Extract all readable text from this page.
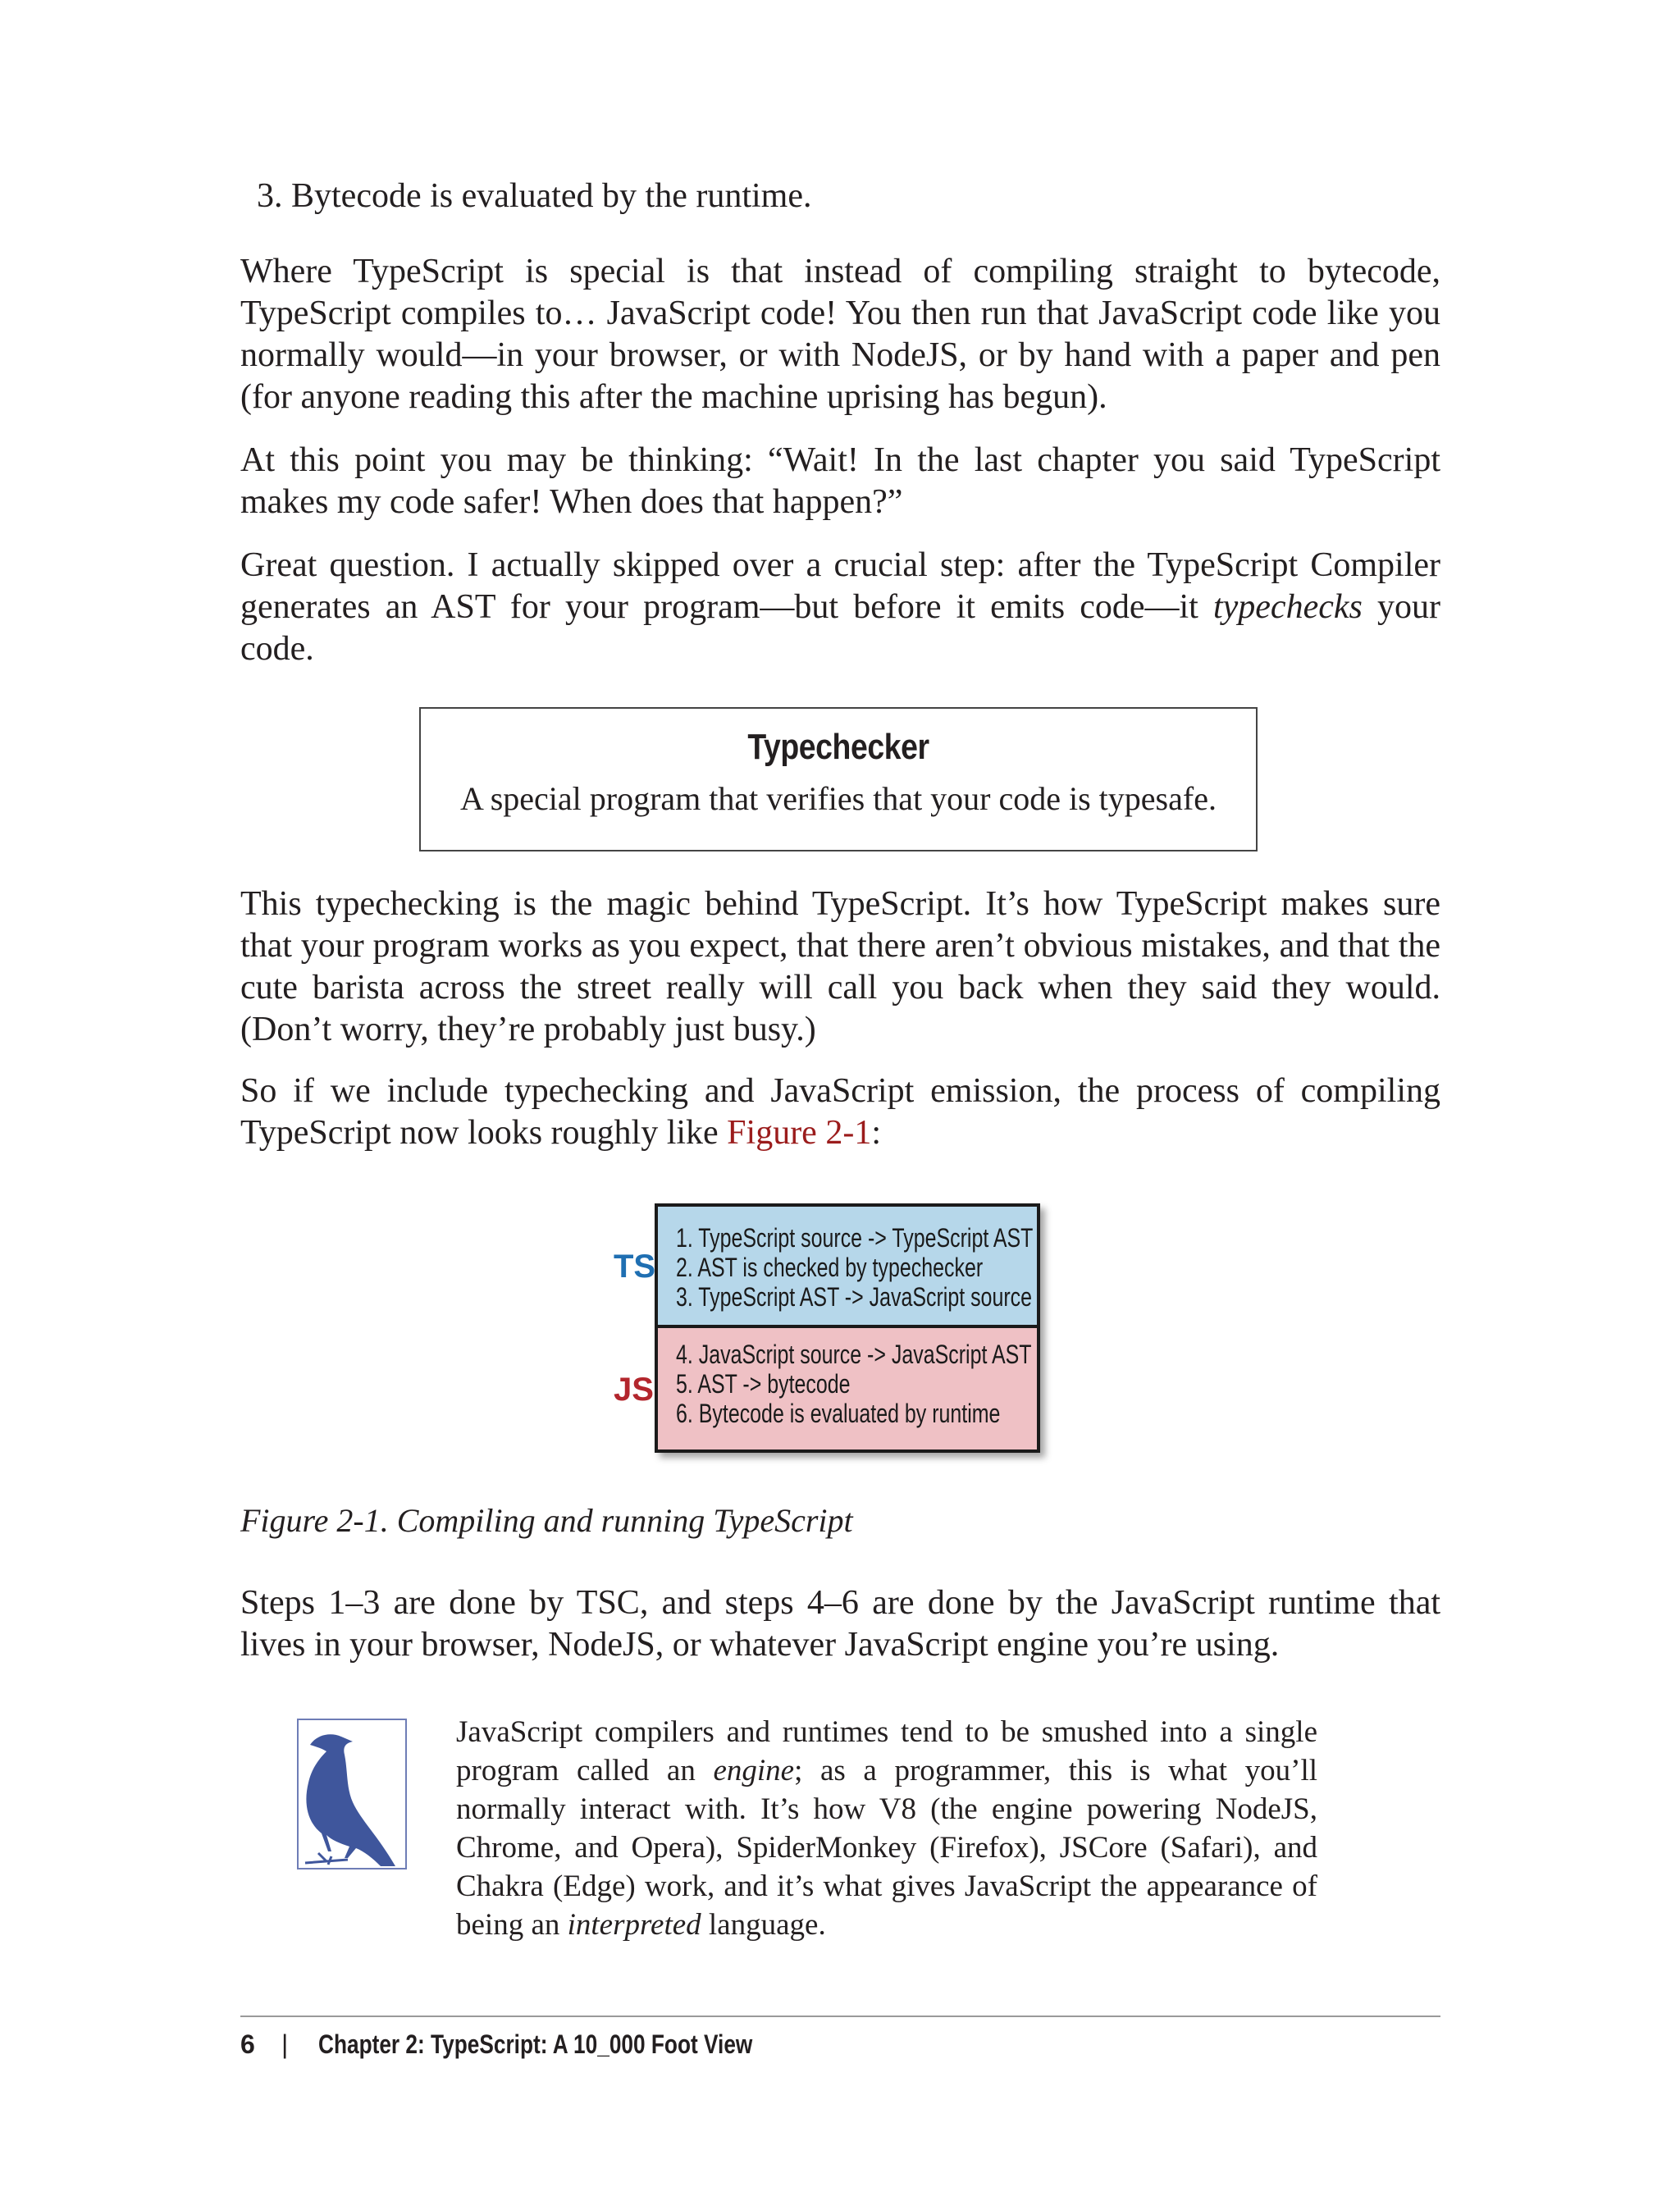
3. Bytecode is evaluated by the runtime.

Where TypeScript is special is that instead of compiling straight to bytecode, TypeScript compiles to… JavaScript code! You then run that JavaScript code like you normally would—in your browser, or with NodeJS, or by hand with a paper and pen (for anyone reading this after the machine uprising has begun).

At this point you may be thinking: “Wait! In the last chapter you said TypeScript makes my code safer! When does that happen?”

Great question. I actually skipped over a crucial step: after the TypeScript Compiler generates an AST for your program—but before it emits code—it typechecks your code.

Typechecker
A special program that verifies that your code is typesafe.

This typechecking is the magic behind TypeScript. It’s how TypeScript makes sure that your program works as you expect, that there aren’t obvious mistakes, and that the cute barista across the street really will call you back when they said they would. (Don’t worry, they’re probably just busy.)

So if we include typechecking and JavaScript emission, the process of compiling TypeScript now looks roughly like Figure 2-1:

TS
JS
1. TypeScript source -> TypeScript AST
2. AST is checked by typechecker
3. TypeScript AST -> JavaScript source
4. JavaScript source -> JavaScript AST
5. AST -> bytecode
6. Bytecode is evaluated by runtime
Figure 2-1. Compiling and running TypeScript

Steps 1–3 are done by TSC, and steps 4–6 are done by the JavaScript runtime that lives in your browser, NodeJS, or whatever JavaScript engine you’re using.

JavaScript compilers and runtimes tend to be smushed into a single program called an engine; as a programmer, this is what you’ll normally interact with. It’s how V8 (the engine powering NodeJS, Chrome, and Opera), SpiderMonkey (Firefox), JSCore (Safari), and Chakra (Edge) work, and it’s what gives JavaScript the appearance of being an interpreted language.
6 | Chapter 2: TypeScript: A 10_000 Foot View
